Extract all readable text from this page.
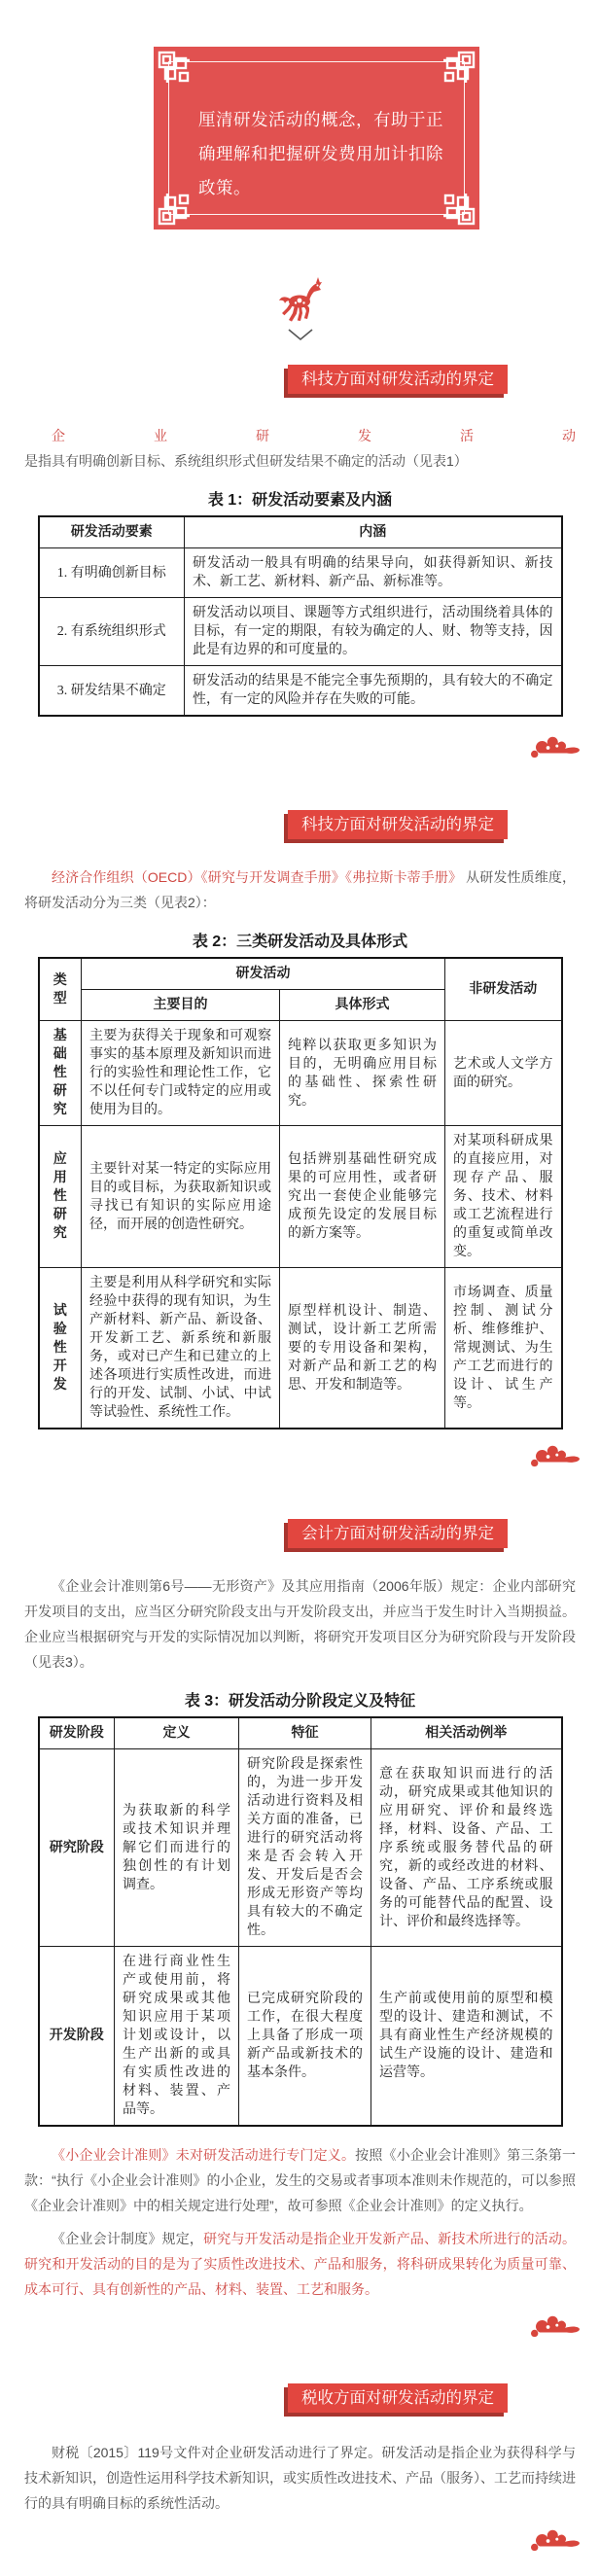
厘清研发活动的概念，有助于正确理解和把握研发费用加计扣除政策。

科技方面对研发活动的界定

企业研发活动是指具有明确创新目标、系统组织形式但研发结果不确定的活动（见表1）

表 1：研发活动要素及内涵
研发活动要素	内涵
1. 有明确创新目标	研发活动一般具有明确的结果导向，如获得新知识、新技术、新工艺、新材料、新产品、新标准等。
2. 有系统组织形式	研发活动以项目、课题等方式组织进行，活动围绕着具体的目标，有一定的期限，有较为确定的人、财、物等支持，因此是有边界的和可度量的。
3. 研发结果不确定	研发活动的结果是不能完全事先预期的，具有较大的不确定性，有一定的风险并存在失败的可能。
科技方面对研发活动的界定

经济合作组织（OECD）《研究与开发调查手册》《弗拉斯卡蒂手册》 从研发性质维度，将研发活动分为三类（见表2）：

表 2：三类研发活动及具体形式
类型	研发活动		非研发活动
	主要目的	具体形式	
基础性研究	主要为获得关于现象和可观察事实的基本原理及新知识而进行的实验性和理论性工作，它不以任何专门或特定的应用或使用为目的。	纯粹以获取更多知识为目的，无明确应用目标的基础性、探索性研究。	艺术或人文学方面的研究。
应用性研究	主要针对某一特定的实际应用目的或目标，为获取新知识或寻找已有知识的实际应用途径，而开展的创造性研究。	包括辨别基础性研究成果的可应用性，或者研究出一套使企业能够完成预先设定的发展目标的新方案等。	对某项科研成果的直接应用，对现存产品、服务、技术、材料或工艺流程进行的重复或简单改变。
试验性开发	主要是利用从科学研究和实际经验中获得的现有知识，为生产新材料、新产品、新设备、开发新工艺、新系统和新服务，或对已产生和已建立的上述各项进行实质性改进，而进行的开发、试制、小试、中试等试验性、系统性工作。	原型样机设计、制造、测试，设计新工艺所需要的专用设备和架构，对新产品和新工艺的构思、开发和制造等。	市场调查、质量控制、测试分析、维修维护、常规测试、为生产工艺而进行的设计、试生产等。
会计方面对研发活动的界定

《企业会计准则第6号——无形资产》及其应用指南（2006年版）规定：企业内部研究开发项目的支出，应当区分研究阶段支出与开发阶段支出，并应当于发生时计入当期损益。企业应当根据研究与开发的实际情况加以判断，将研究开发项目区分为研究阶段与开发阶段（见表3）。

表 3：研发活动分阶段定义及特征
研发阶段	定义	特征	相关活动例举
研究阶段	为获取新的科学或技术知识并理解它们而进行的独创性的有计划调查。	研究阶段是探索性的，为进一步开发活动进行资料及相关方面的准备，已进行的研究活动将来是否会转入开发、开发后是否会形成无形资产等均具有较大的不确定性。	意在获取知识而进行的活动，研究成果或其他知识的应用研究、评价和最终选择，材料、设备、产品、工序系统或服务替代品的研究，新的或经改进的材料、设备、产品、工序系统或服务的可能替代品的配置、设计、评价和最终选择等。
开发阶段	在进行商业性生产或使用前，将研究成果或其他知识应用于某项计划或设计，以生产出新的或具有实质性改进的材料、装置、产品等。	已完成研究阶段的工作，在很大程度上具备了形成一项新产品或新技术的基本条件。	生产前或使用前的原型和模型的设计、建造和测试，不具有商业性生产经济规模的试生产设施的设计、建造和运营等。

《小企业会计准则》未对研发活动进行专门定义。按照《小企业会计准则》第三条第一款：“执行《小企业会计准则》的小企业，发生的交易或者事项本准则未作规范的，可以参照《企业会计准则》中的相关规定进行处理”，故可参照《企业会计准则》的定义执行。

《企业会计制度》规定，研究与开发活动是指企业开发新产品、新技术所进行的活动。研究和开发活动的目的是为了实质性改进技术、产品和服务，将科研成果转化为质量可靠、成本可行、具有创新性的产品、材料、装置、工艺和服务。

税收方面对研发活动的界定

财税〔2015〕119号文件对企业研发活动进行了界定。研发活动是指企业为获得科学与技术新知识，创造性运用科学技术新知识，或实质性改进技术、产品（服务）、工艺而持续进行的具有明确目标的系统性活动。
